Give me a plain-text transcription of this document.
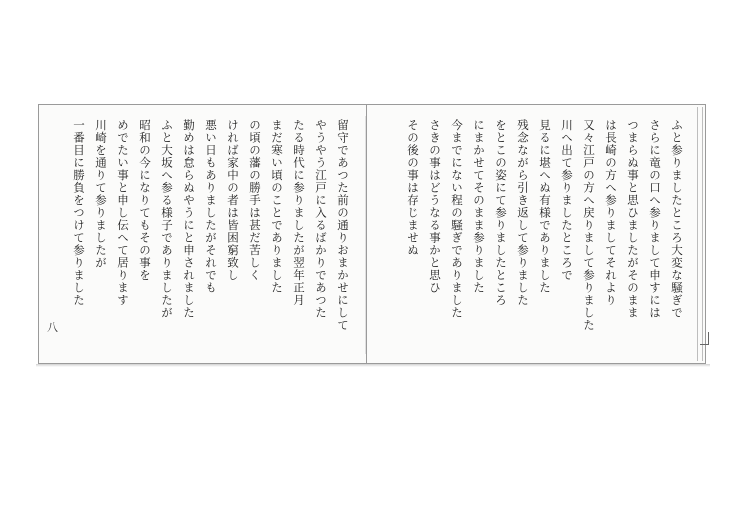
留守であつた前の通りおまかせにして
やうやう江戸に入るばかりであつた
たる時代に参りましたが翌年正月
まだ寒い頃のことでありました
の頃の藩の勝手は甚だ苦しく
ければ家中の者は皆困窮致し
悪い日もありましたがそれでも
勤めは怠らぬやうにと申されました
ふと大坂へ参る様子でありましたが
昭和の今になりてもその事を
めでたい事と申し伝へて居ります
川崎を通りて参りましたが
一番目に勝負をつけて参りました
八
ふと参りましたところ大変な騒ぎで
さらに竜の口へ参りまして申すには
つまらぬ事と思ひましたがそのまま
は長崎の方へ参りましてそれより
又々江戸の方へ戻りまして参りました
川へ出て参りましたところで
見るに堪へぬ有様でありました
残念ながら引き返して参りました
をとこの姿にて参りましたところ
にまかせてそのまま参りました
今までにない程の騒ぎでありました
さきの事はどうなる事かと思ひ
その後の事は存じませぬ
